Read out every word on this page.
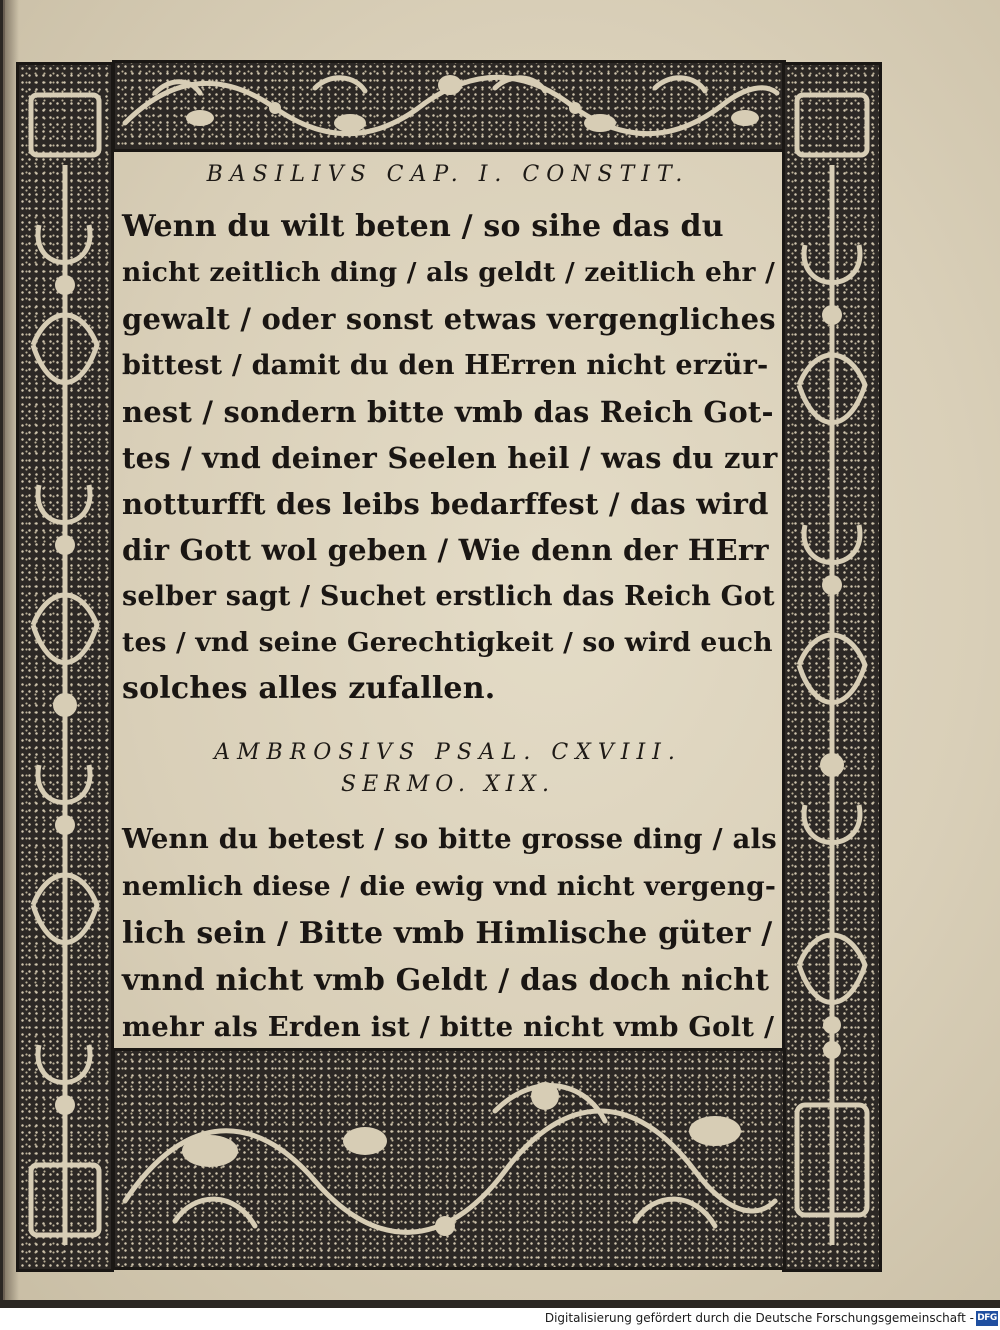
BASILIVS CAP. I. CONSTIT.

Wenn du wilt beten / so sihe das du
nicht zeitlich ding / als geldt / zeitlich ehr /
gewalt / oder sonst etwas vergengliches
bittest / damit du den HErren nicht erzür-
nest / sondern bitte vmb das Reich Got-
tes / vnd deiner Seelen heil / was du zur
notturfft des leibs bedarffest / das wird
dir Gott wol geben / Wie denn der HErr
selber sagt / Suchet erstlich das Reich Got
tes / vnd seine Gerechtigkeit / so wird euch
solches alles zufallen.

AMBROSIVS PSAL. CXVIII.

SERMO. XIX.

Wenn du betest / so bitte grosse ding / als
nemlich diese / die ewig vnd nicht vergeng-
lich sein / Bitte vmb Himlische güter /
vnnd nicht vmb Geldt / das doch nicht
mehr als Erden ist / bitte nicht vmb Golt /
Digitalisierung gefördert durch die Deutsche Forschungsgemeinschaft - DFG
